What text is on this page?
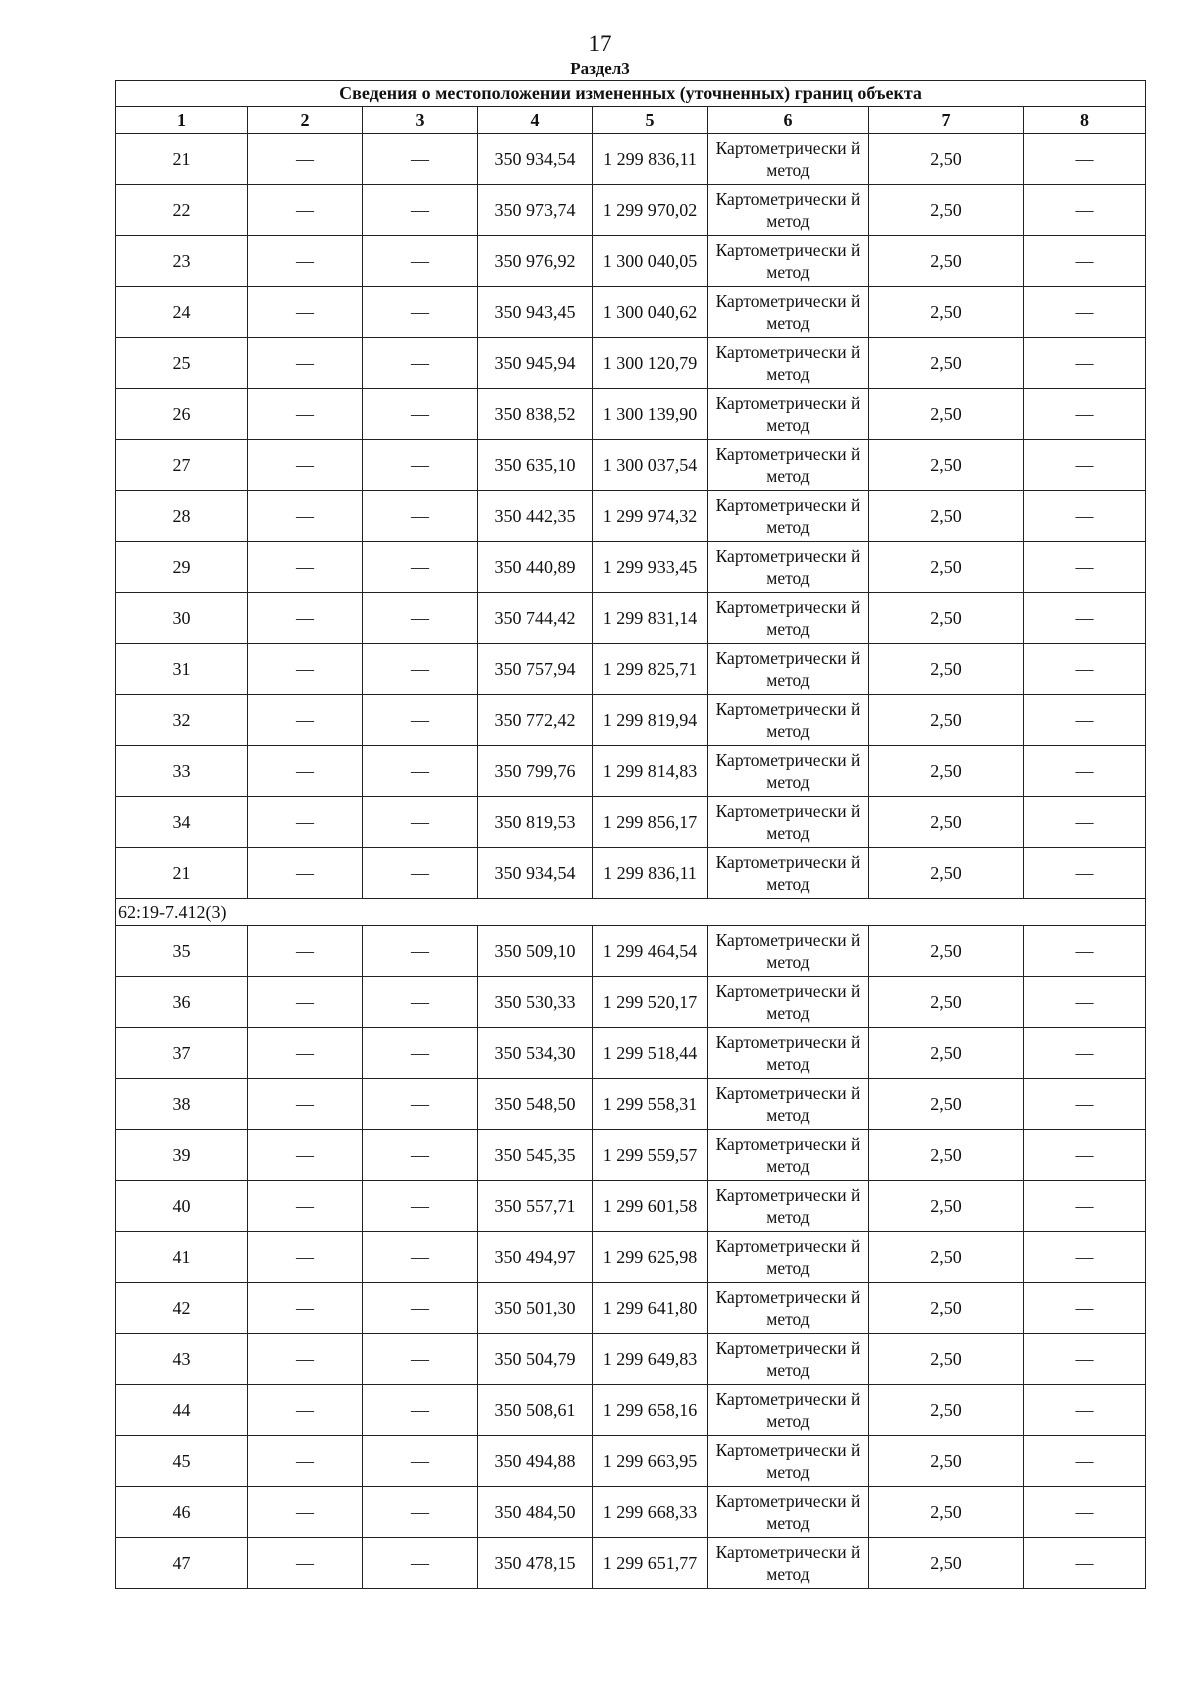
17
Раздел3
Сведения о местоположении измененных (уточненных) границ объекта							
1	2	3	4	5	6	7	8
21	—	—	350 934,54	1 299 836,11	Картометрически й метод	2,50	—
22	—	—	350 973,74	1 299 970,02	Картометрически й метод	2,50	—
23	—	—	350 976,92	1 300 040,05	Картометрически й метод	2,50	—
24	—	—	350 943,45	1 300 040,62	Картометрически й метод	2,50	—
25	—	—	350 945,94	1 300 120,79	Картометрически й метод	2,50	—
26	—	—	350 838,52	1 300 139,90	Картометрически й метод	2,50	—
27	—	—	350 635,10	1 300 037,54	Картометрически й метод	2,50	—
28	—	—	350 442,35	1 299 974,32	Картометрически й метод	2,50	—
29	—	—	350 440,89	1 299 933,45	Картометрически й метод	2,50	—
30	—	—	350 744,42	1 299 831,14	Картометрически й метод	2,50	—
31	—	—	350 757,94	1 299 825,71	Картометрически й метод	2,50	—
32	—	—	350 772,42	1 299 819,94	Картометрически й метод	2,50	—
33	—	—	350 799,76	1 299 814,83	Картометрически й метод	2,50	—
34	—	—	350 819,53	1 299 856,17	Картометрически й метод	2,50	—
21	—	—	350 934,54	1 299 836,11	Картометрически й метод	2,50	—
62:19-7.412(3)							
35	—	—	350 509,10	1 299 464,54	Картометрически й метод	2,50	—
36	—	—	350 530,33	1 299 520,17	Картометрически й метод	2,50	—
37	—	—	350 534,30	1 299 518,44	Картометрически й метод	2,50	—
38	—	—	350 548,50	1 299 558,31	Картометрически й метод	2,50	—
39	—	—	350 545,35	1 299 559,57	Картометрически й метод	2,50	—
40	—	—	350 557,71	1 299 601,58	Картометрически й метод	2,50	—
41	—	—	350 494,97	1 299 625,98	Картометрически й метод	2,50	—
42	—	—	350 501,30	1 299 641,80	Картометрически й метод	2,50	—
43	—	—	350 504,79	1 299 649,83	Картометрически й метод	2,50	—
44	—	—	350 508,61	1 299 658,16	Картометрически й метод	2,50	—
45	—	—	350 494,88	1 299 663,95	Картометрически й метод	2,50	—
46	—	—	350 484,50	1 299 668,33	Картометрически й метод	2,50	—
47	—	—	350 478,15	1 299 651,77	Картометрически й метод	2,50	—
